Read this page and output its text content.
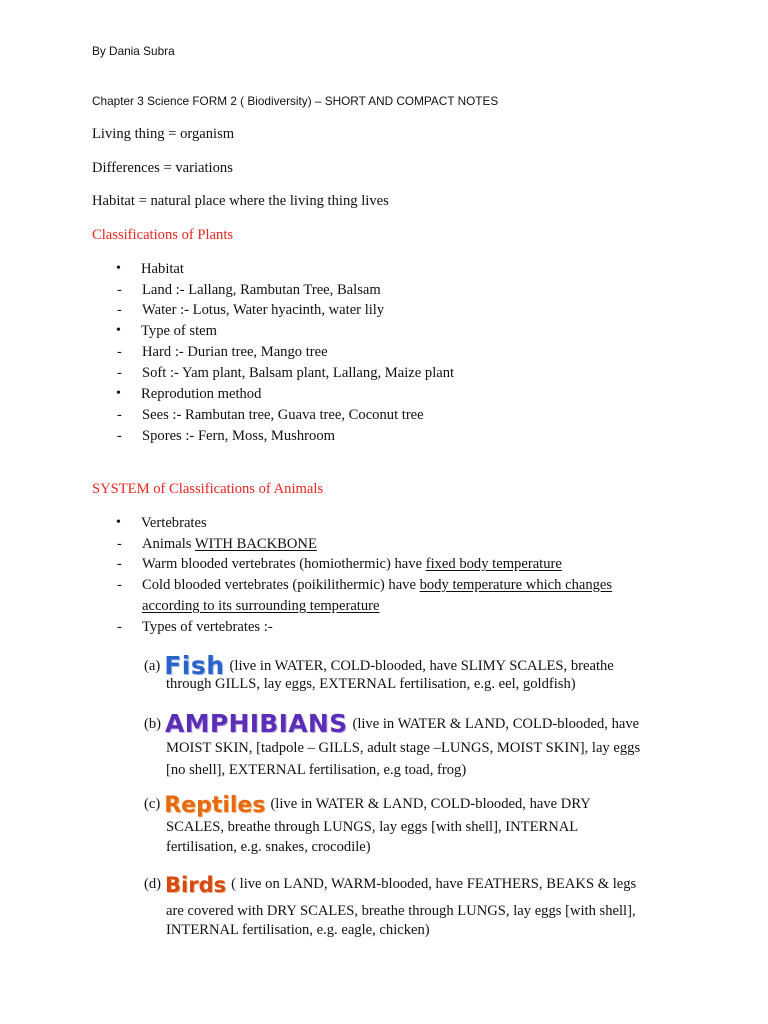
By Dania Subra
Chapter 3 Science FORM 2 ( Biodiversity) – SHORT AND COMPACT NOTES
Living thing = organism
Differences = variations
Habitat = natural place where the living thing lives
Classifications of Plants
• Habitat
- Land :- Lallang, Rambutan Tree, Balsam
- Water :- Lotus, Water hyacinth, water lily
• Type of stem
- Hard :- Durian tree, Mango tree
- Soft :- Yam plant, Balsam plant, Lallang, Maize plant
• Reprodution method
- Sees :- Rambutan tree, Guava tree, Coconut tree
- Spores :- Fern, Moss, Mushroom
SYSTEM of Classifications of Animals
• Vertebrates
- Animals WITH BACKBONE
- Warm blooded vertebrates (homiothermic) have fixed body temperature
- Cold blooded vertebrates (poikilithermic) have body temperature which changes
according to its surrounding temperature
- Types of vertebrates :-
(a) Fish (live in WATER, COLD-blooded, have SLIMY SCALES, breathe
through GILLS, lay eggs, EXTERNAL fertilisation, e.g. eel, goldfish)
(b) AMPHIBIANS (live in WATER & LAND, COLD-blooded, have
MOIST SKIN, [tadpole – GILLS, adult stage –LUNGS, MOIST SKIN], lay eggs
[no shell], EXTERNAL fertilisation, e.g toad, frog)
(c) Reptiles (live in WATER & LAND, COLD-blooded, have DRY
SCALES, breathe through LUNGS, lay eggs [with shell], INTERNAL
fertilisation, e.g. snakes, crocodile)
(d) Birds ( live on LAND, WARM-blooded, have FEATHERS, BEAKS & legs
are covered with DRY SCALES, breathe through LUNGS, lay eggs [with shell],
INTERNAL fertilisation, e.g. eagle, chicken)
